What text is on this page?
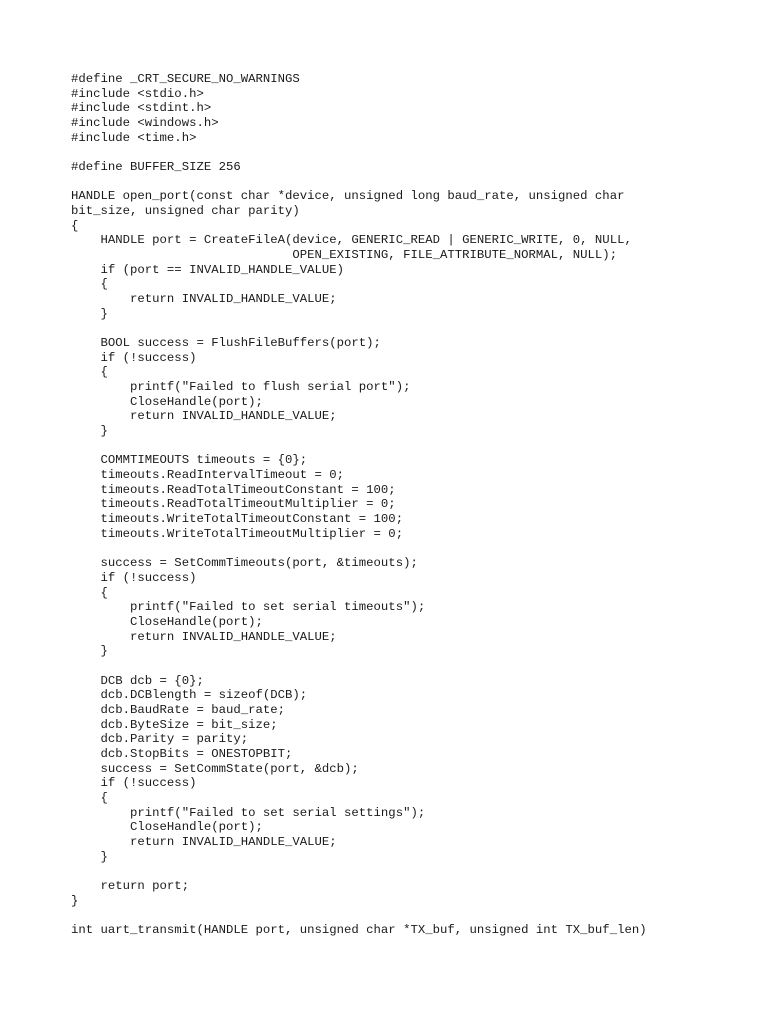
#define _CRT_SECURE_NO_WARNINGS
#include <stdio.h>
#include <stdint.h>
#include <windows.h>
#include <time.h>
#define BUFFER_SIZE 256
HANDLE open_port(const char *device, unsigned long baud_rate, unsigned char
bit_size, unsigned char parity)
{
HANDLE port = CreateFileA(device, GENERIC_READ | GENERIC_WRITE, 0, NULL,
OPEN_EXISTING, FILE_ATTRIBUTE_NORMAL, NULL);
if (port == INVALID_HANDLE_VALUE)
{
return INVALID_HANDLE_VALUE;
}
BOOL success = FlushFileBuffers(port);
if (!success)
{
printf("Failed to flush serial port");
CloseHandle(port);
return INVALID_HANDLE_VALUE;
}
COMMTIMEOUTS timeouts = {0};
timeouts.ReadIntervalTimeout = 0;
timeouts.ReadTotalTimeoutConstant = 100;
timeouts.ReadTotalTimeoutMultiplier = 0;
timeouts.WriteTotalTimeoutConstant = 100;
timeouts.WriteTotalTimeoutMultiplier = 0;
success = SetCommTimeouts(port, &timeouts);
if (!success)
{
printf("Failed to set serial timeouts");
CloseHandle(port);
return INVALID_HANDLE_VALUE;
}
DCB dcb = {0};
dcb.DCBlength = sizeof(DCB);
dcb.BaudRate = baud_rate;
dcb.ByteSize = bit_size;
dcb.Parity = parity;
dcb.StopBits = ONESTOPBIT;
success = SetCommState(port, &dcb);
if (!success)
{
printf("Failed to set serial settings");
CloseHandle(port);
return INVALID_HANDLE_VALUE;
}
return port;
}
int uart_transmit(HANDLE port, unsigned char *TX_buf, unsigned int TX_buf_len)
